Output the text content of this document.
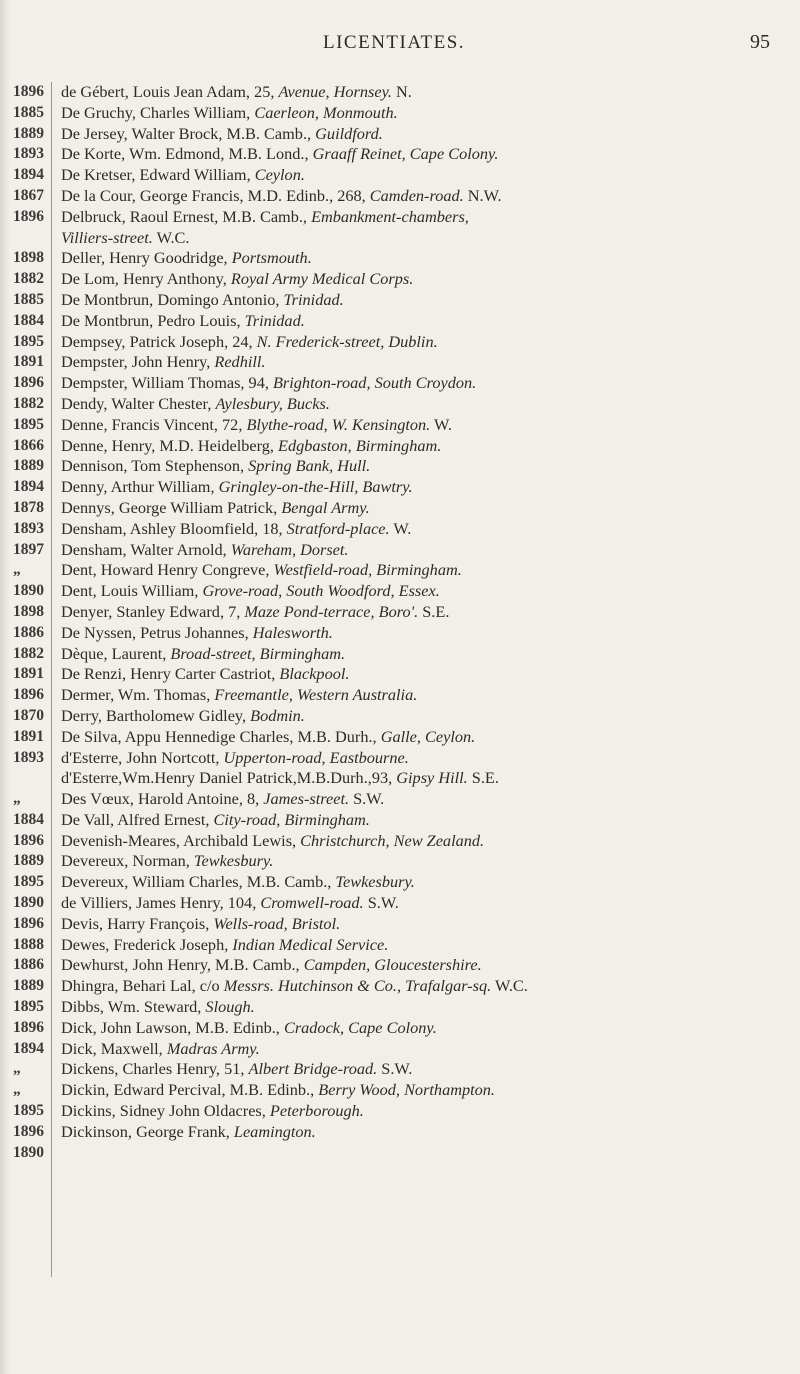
LICENTIATES.	95
1896	de Gébert, Louis Jean Adam, 25, Avenue, Hornsey. N.
1885	De Gruchy, Charles William, Caerleon, Monmouth.
1889	De Jersey, Walter Brock, M.B. Camb., Guildford.
1893	De Korte, Wm. Edmond, M.B. Lond., Graaff Reinet, Cape Colony.
1894	De Kretser, Edward William, Ceylon.
1867	De la Cour, George Francis, M.D. Edinb., 268, Camden-road. N.W.
1896	Delbruck, Raoul Ernest, M.B. Camb., Embankment-chambers,
Villiers-street. W.C.
1898	Deller, Henry Goodridge, Portsmouth.
1882	De Lom, Henry Anthony, Royal Army Medical Corps.
1885	De Montbrun, Domingo Antonio, Trinidad.
1884	De Montbrun, Pedro Louis, Trinidad.
1895	Dempsey, Patrick Joseph, 24, N. Frederick-street, Dublin.
1891	Dempster, John Henry, Redhill.
1896	Dempster, William Thomas, 94, Brighton-road, South Croydon.
1882	Dendy, Walter Chester, Aylesbury, Bucks.
1895	Denne, Francis Vincent, 72, Blythe-road, W. Kensington. W.
1866	Denne, Henry, M.D. Heidelberg, Edgbaston, Birmingham.
1889	Dennison, Tom Stephenson, Spring Bank, Hull.
1894	Denny, Arthur William, Gringley-on-the-Hill, Bawtry.
1878	Dennys, George William Patrick, Bengal Army.
1893	Densham, Ashley Bloomfield, 18, Stratford-place. W.
1897	Densham, Walter Arnold, Wareham, Dorset.
„	Dent, Howard Henry Congreve, Westfield-road, Birmingham.
1890	Dent, Louis William, Grove-road, South Woodford, Essex.
1898	Denyer, Stanley Edward, 7, Maze Pond-terrace, Boro'. S.E.
1886	De Nyssen, Petrus Johannes, Halesworth.
1882	Dèque, Laurent, Broad-street, Birmingham.
1891	De Renzi, Henry Carter Castriot, Blackpool.
1896	Dermer, Wm. Thomas, Freemantle, Western Australia.
1870	Derry, Bartholomew Gidley, Bodmin.
1891	De Silva, Appu Hennedige Charles, M.B. Durh., Galle, Ceylon.
1893	d'Esterre, John Nortcott, Upperton-road, Eastbourne.
d'Esterre,Wm.Henry Daniel Patrick,M.B.Durh.,93, Gipsy Hill. S.E.
„	Des Vœux, Harold Antoine, 8, James-street. S.W.
1884	De Vall, Alfred Ernest, City-road, Birmingham.
1896	Devenish-Meares, Archibald Lewis, Christchurch, New Zealand.
1889	Devereux, Norman, Tewkesbury.
1895	Devereux, William Charles, M.B. Camb., Tewkesbury.
1890	de Villiers, James Henry, 104, Cromwell-road. S.W.
1896	Devis, Harry François, Wells-road, Bristol.
1888	Dewes, Frederick Joseph, Indian Medical Service.
1886	Dewhurst, John Henry, M.B. Camb., Campden, Gloucestershire.
1889	Dhingra, Behari Lal, c/o Messrs. Hutchinson & Co., Trafalgar-sq. W.C.
1895	Dibbs, Wm. Steward, Slough.
1896	Dick, John Lawson, M.B. Edinb., Cradock, Cape Colony.
1894	Dick, Maxwell, Madras Army.
„	Dickens, Charles Henry, 51, Albert Bridge-road. S.W.
„	Dickin, Edward Percival, M.B. Edinb., Berry Wood, Northampton.
1895	Dickins, Sidney John Oldacres, Peterborough.
1896	Dickinson, George Frank, Leamington.
1890
